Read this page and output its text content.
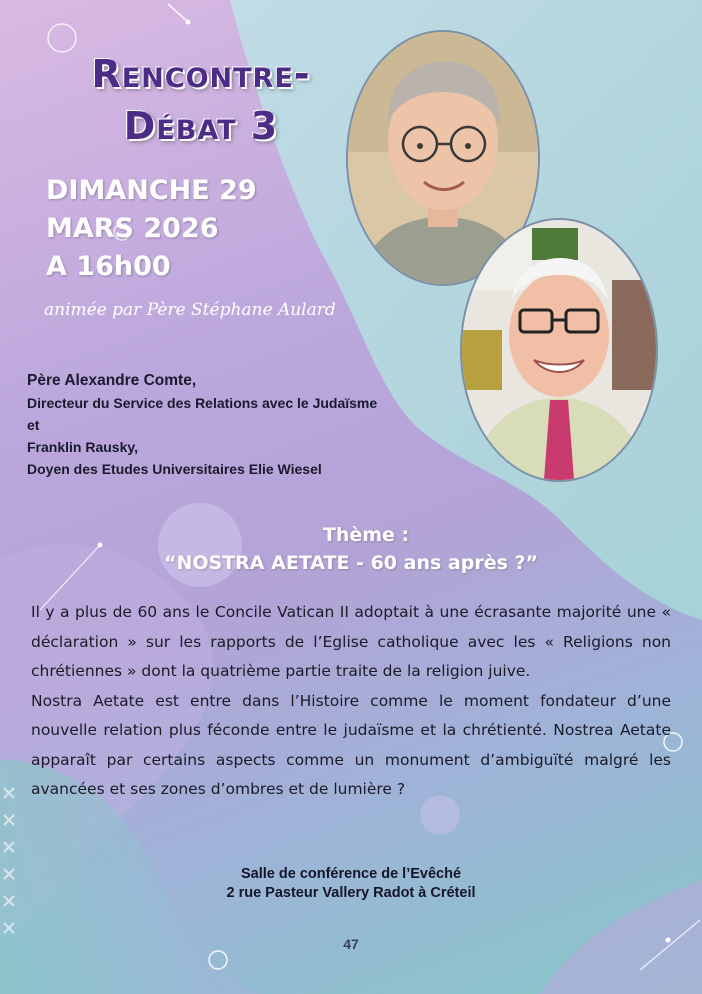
Rencontre-
Débat 3
DIMANCHE 29
MARS 2026
A 16h00
animée par Père Stéphane Aulard
Père Alexandre Comte,
Directeur du Service des Relations avec le Judaïsme
et
Franklin Rausky,
Doyen des Etudes Universitaires Elie Wiesel
Thème :
“NOSTRA AETATE - 60 ans après ?”

Il y a plus de 60 ans le Concile Vatican II adoptait à une écrasante majorité une « déclaration » sur les rapports de l’Eglise catholique avec les « Religions non chrétiennes » dont la quatrième partie traite de la religion juive.

Nostra Aetate est entre dans l’Histoire comme le moment fondateur d’une nouvelle relation plus féconde entre le judaïsme et la chrétienté. Nostrea Aetate apparaît par certains aspects comme un monument d’ambiguïté malgré les avancées et ses zones d’ombres et de lumière ?

Salle de conférence de l’Evêché
2 rue Pasteur Vallery Radot à Créteil
47
